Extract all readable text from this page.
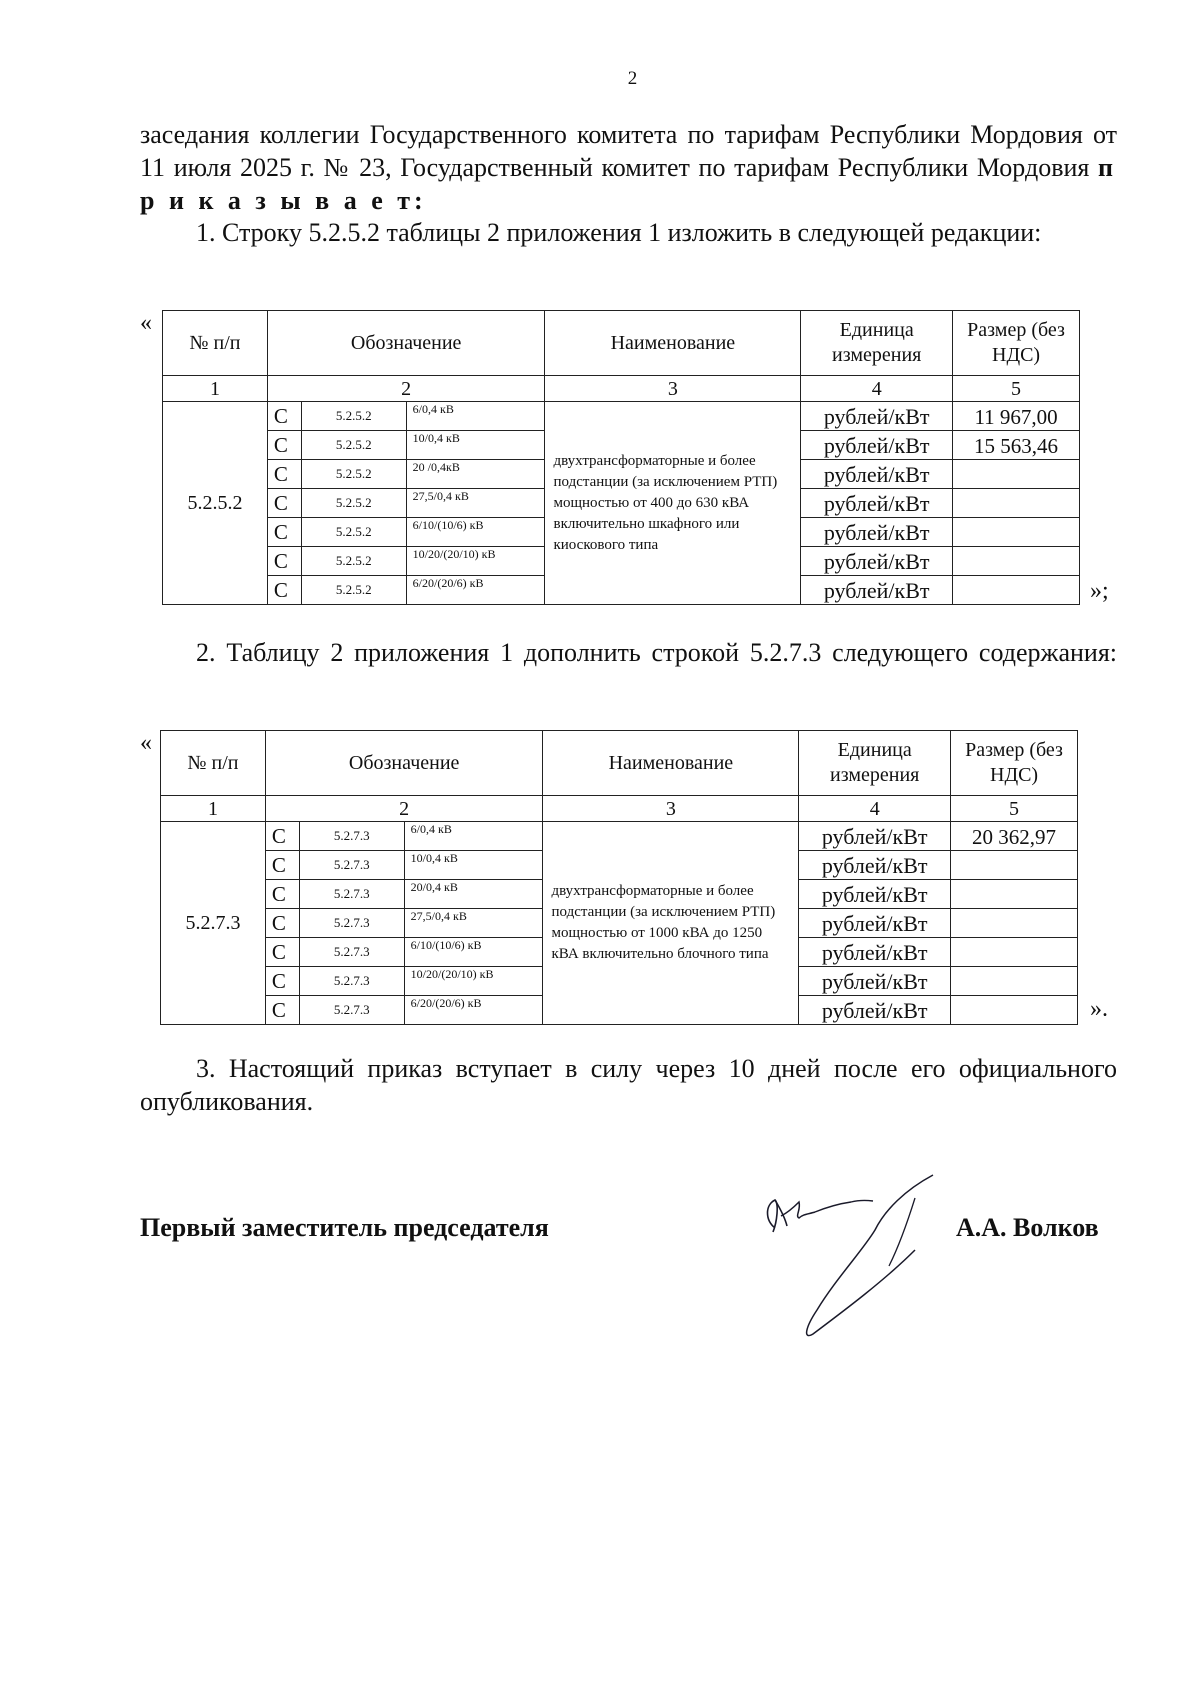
2
заседания коллегии Государственного комитета по тарифам Республики Мордовия от 11 июля 2025 г. № 23, Государственный комитет по тарифам Республики Мордовия п р и к а з ы в а е т:
1. Строку 5.2.5.2 таблицы 2 приложения 1 изложить в следующей редакции:
«
№ п/п	Обозначение			Наименование	Единица измерения	Размер (без НДС)
1	2			3	4	5
5.2.5.2	С	5.2.5.2	6/0,4 кВ	двухтрансформаторные и более подстанции (за исключением РТП) мощностью от 400 до 630 кВА включительно шкафного или киоскового типа	рублей/кВт	11 967,00
	С	5.2.5.2	10/0,4 кВ		рублей/кВт	15 563,46
	С	5.2.5.2	20 /0,4кВ		рублей/кВт	
	С	5.2.5.2	27,5/0,4 кВ		рублей/кВт	
	С	5.2.5.2	6/10/(10/6) кВ		рублей/кВт	
	С	5.2.5.2	10/20/(20/10) кВ		рублей/кВт	
	С	5.2.5.2	6/20/(20/6) кВ		рублей/кВт		»;
2. Таблицу 2 приложения 1 дополнить строкой 5.2.7.3 следующего содержания:
«
№ п/п	Обозначение			Наименование	Единица измерения	Размер (без НДС)
1	2			3	4	5
5.2.7.3	С	5.2.7.3	6/0,4 кВ	двухтрансформаторные и более подстанции (за исключением РТП) мощностью от 1000 кВА до 1250 кВА включительно блочного типа	рублей/кВт	20 362,97
	С	5.2.7.3	10/0,4 кВ		рублей/кВт	
	С	5.2.7.3	20/0,4 кВ		рублей/кВт	
	С	5.2.7.3	27,5/0,4 кВ		рублей/кВт	
	С	5.2.7.3	6/10/(10/6) кВ		рублей/кВт	
	С	5.2.7.3	10/20/(20/10) кВ		рублей/кВт	
	С	5.2.7.3	6/20/(20/6) кВ		рублей/кВт		».
3. Настоящий приказ вступает в силу через 10 дней после его официального опубликования.
Первый заместитель председателя	А.А. Волков
